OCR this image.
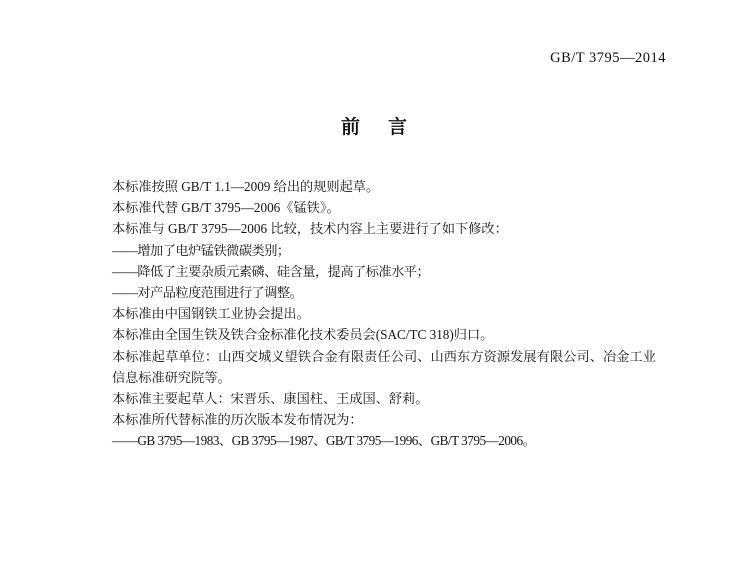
GB/T 3795—2014
前 言
本标准按照 GB/T 1.1—2009 给出的规则起草。
本标准代替 GB/T 3795—2006《锰铁》。
本标准与 GB/T 3795—2006 比较，技术内容上主要进行了如下修改：
——增加了电炉锰铁微碳类别；
——降低了主要杂质元素磷、硅含量，提高了标准水平；
——对产品粒度范围进行了调整。
本标准由中国钢铁工业协会提出。
本标准由全国生铁及铁合金标准化技术委员会(SAC/TC 318)归口。
本标准起草单位：山西交城义望铁合金有限责任公司、山西东方资源发展有限公司、冶金工业信息标准研究院等。
本标准主要起草人：宋晋乐、康国柱、王成国、舒莉。
本标准所代替标准的历次版本发布情况为：
——GB 3795—1983、GB 3795—1987、GB/T 3795—1996、GB/T 3795—2006。
